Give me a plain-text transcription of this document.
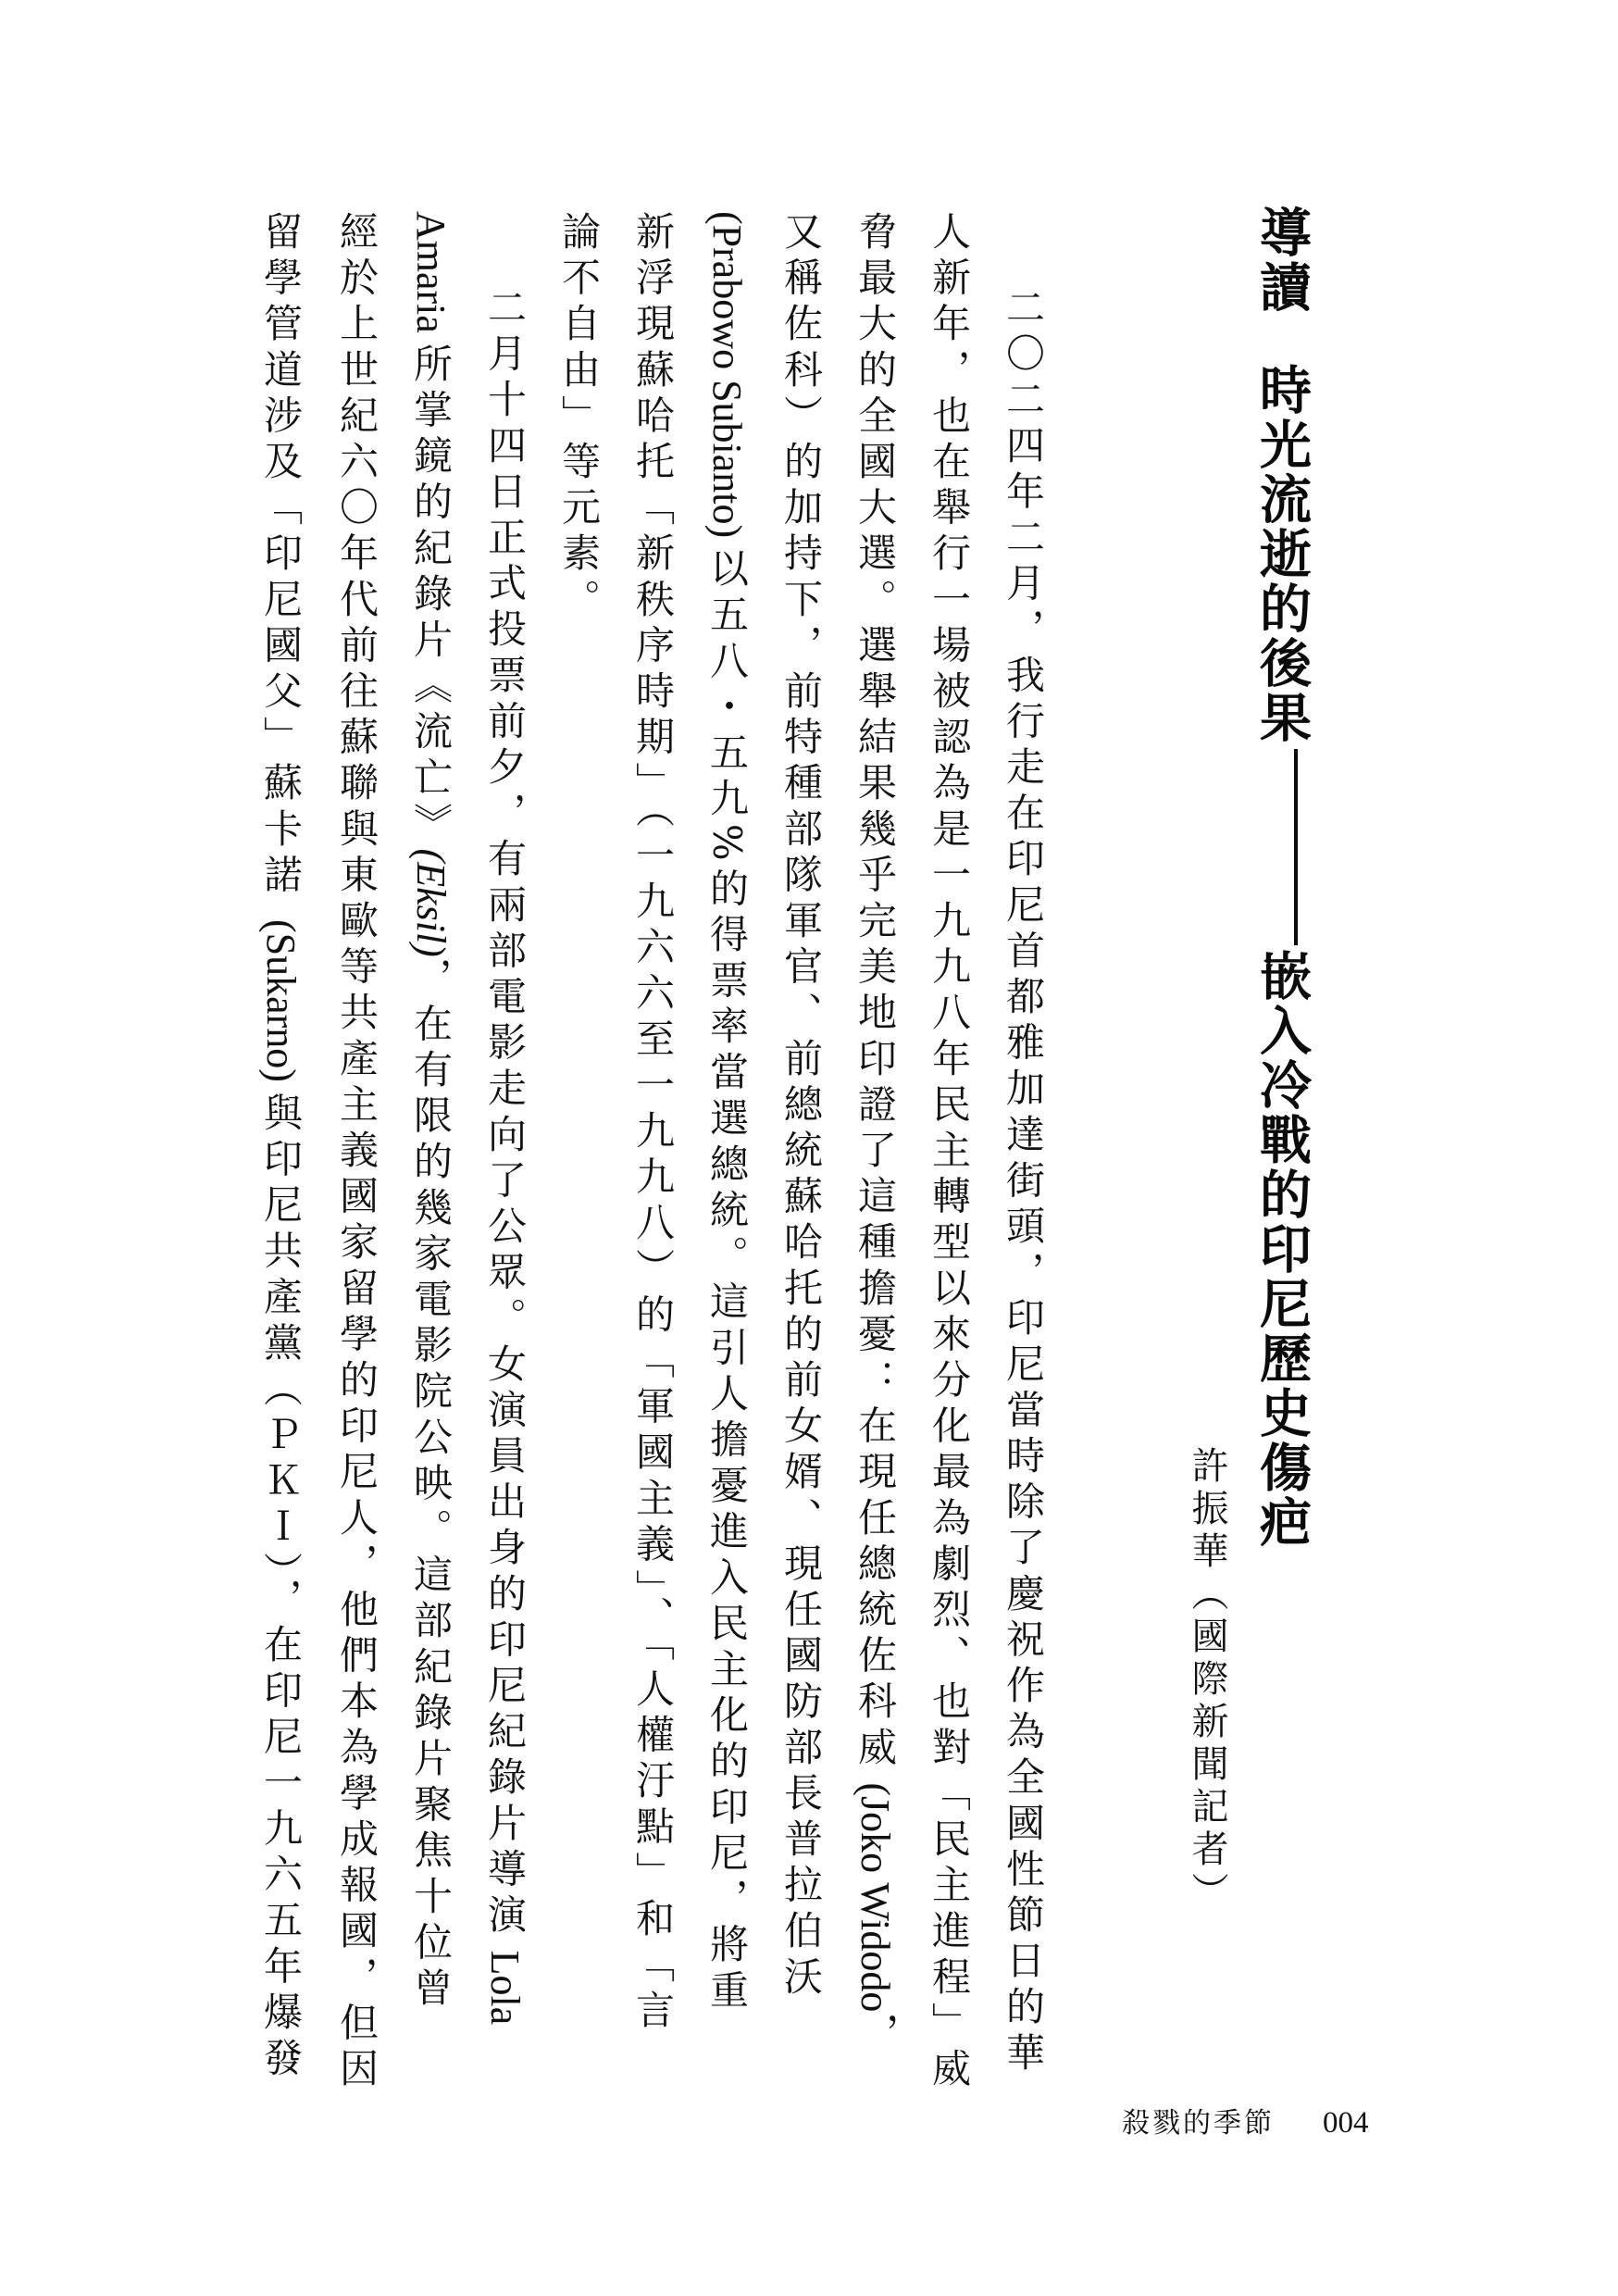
導讀時光流逝的後果嵌入冷戰的印尼歷史傷疤
許振華（國際新聞記者）
二〇二四年二月，我行走在印尼首都雅加達街頭，印尼當時除了慶祝作為全國性節日的華
人新年，也在舉行一場被認為是一九九八年民主轉型以來分化最為劇烈、也對「民主進程」威
脅最大的全國大選。選舉結果幾乎完美地印證了這種擔憂：在現任總統佐科威 (Joko Widodo，
又稱佐科）的加持下，前特種部隊軍官、前總統蘇哈托的前女婿、現任國防部長普拉伯沃
(Prabowo Subianto) 以五八・五九%的得票率當選總統。這引人擔憂進入民主化的印尼，將重
新浮現蘇哈托「新秩序時期」（一九六六至一九九八）的「軍國主義」、「人權汙點」和「言
論不自由」等元素。
二月十四日正式投票前夕，有兩部電影走向了公眾。女演員出身的印尼紀錄片導演 Lola
Amaria 所掌鏡的紀錄片《流亡》(Eksil)，在有限的幾家電影院公映。這部紀錄片聚焦十位曾
經於上世紀六〇年代前往蘇聯與東歐等共產主義國家留學的印尼人，他們本為學成報國，但因
留學管道涉及「印尼國父」蘇卡諾 (Sukarno) 與印尼共產黨（ＰＫＩ），在印尼一九六五年爆發
殺戮的季節 004
